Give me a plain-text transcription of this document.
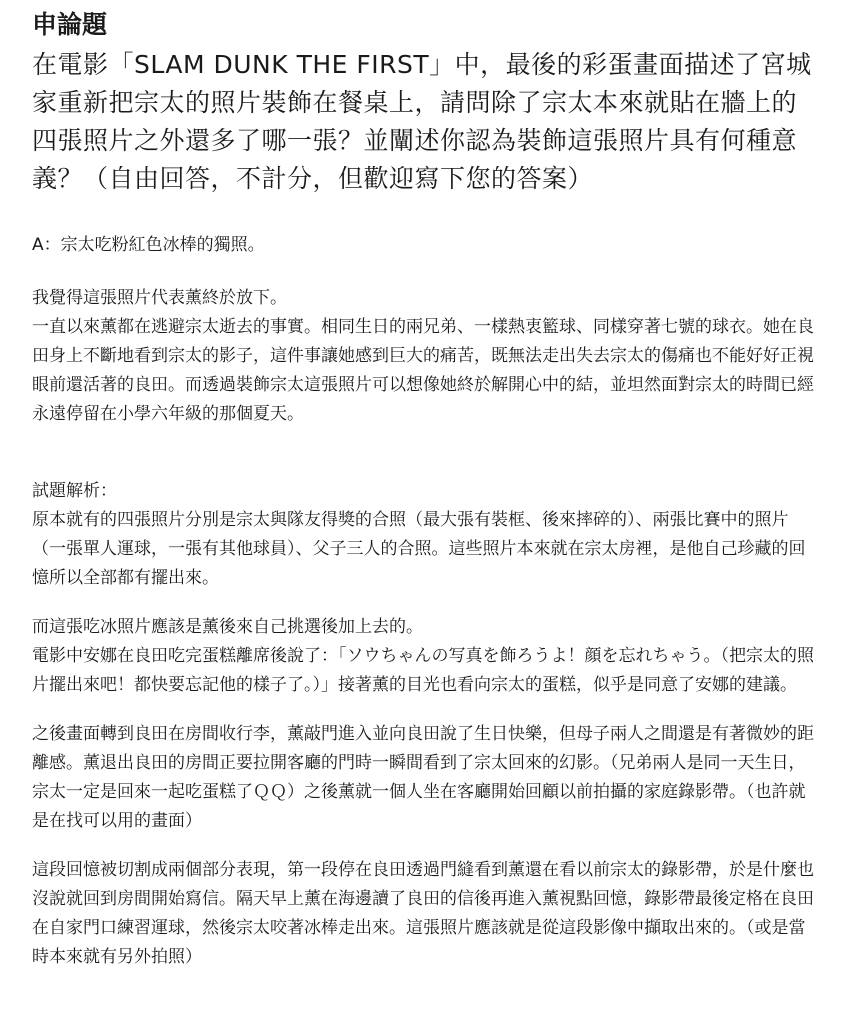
申論題

在電影「SLAM DUNK THE FIRST」中，最後的彩蛋畫面描述了宮城家重新把宗太的照片裝飾在餐桌上，請問除了宗太本來就貼在牆上的四張照片之外還多了哪一張？並闡述你認為裝飾這張照片具有何種意義？（自由回答，不計分，但歡迎寫下您的答案）

A：宗太吃粉紅色冰棒的獨照。

我覺得這張照片代表薰終於放下。

一直以來薰都在逃避宗太逝去的事實。相同生日的兩兄弟、一樣熱衷籃球、同樣穿著七號的球衣。她在良田身上不斷地看到宗太的影子，這件事讓她感到巨大的痛苦，既無法走出失去宗太的傷痛也不能好好正視眼前還活著的良田。而透過裝飾宗太這張照片可以想像她終於解開心中的結，並坦然面對宗太的時間已經永遠停留在小學六年級的那個夏天。

試題解析：

原本就有的四張照片分別是宗太與隊友得獎的合照（最大張有裝框、後來摔碎的）、兩張比賽中的照片（一張單人運球，一張有其他球員）、父子三人的合照。這些照片本來就在宗太房裡，是他自己珍藏的回憶所以全部都有擺出來。

而這張吃冰照片應該是薰後來自己挑選後加上去的。

電影中安娜在良田吃完蛋糕離席後說了：「ソウちゃんの写真を飾ろうよ！顔を忘れちゃう。（把宗太的照片擺出來吧！都快要忘記他的樣子了。）」接著薰的目光也看向宗太的蛋糕，似乎是同意了安娜的建議。

之後畫面轉到良田在房間收行李，薰敲門進入並向良田說了生日快樂，但母子兩人之間還是有著微妙的距離感。薰退出良田的房間正要拉開客廳的門時一瞬間看到了宗太回來的幻影。（兄弟兩人是同一天生日，宗太一定是回來一起吃蛋糕了ＱＱ）之後薰就一個人坐在客廳開始回顧以前拍攝的家庭錄影帶。（也許就是在找可以用的畫面）

這段回憶被切割成兩個部分表現，第一段停在良田透過門縫看到薰還在看以前宗太的錄影帶，於是什麼也沒說就回到房間開始寫信。隔天早上薰在海邊讀了良田的信後再進入薰視點回憶，錄影帶最後定格在良田在自家門口練習運球，然後宗太咬著冰棒走出來。這張照片應該就是從這段影像中擷取出來的。（或是當時本來就有另外拍照）
